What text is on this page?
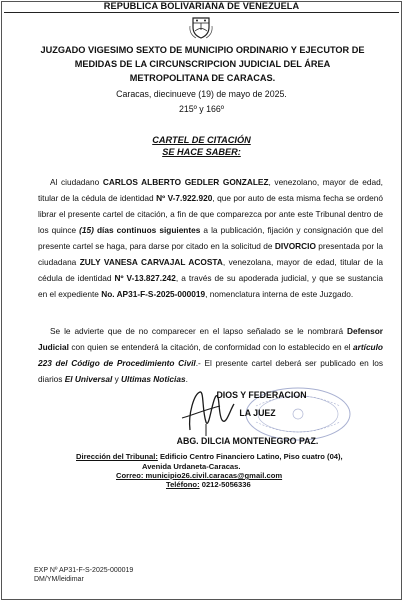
REPUBLICA BOLIVARIANA DE VENEZUELA
JUZGADO VIGESIMO SEXTO DE MUNICIPIO ORDINARIO Y EJECUTOR DE
MEDIDAS DE LA CIRCUNSCRIPCION JUDICIAL DEL ÁREA
METROPOLITANA DE CARACAS.
Caracas, diecinueve (19) de mayo de 2025.
215º y 166º
CARTEL DE CITACIÓN
SE HACE SABER:
Al ciudadano CARLOS ALBERTO GEDLER GONZALEZ, venezolano, mayor de edad, titular de la cédula de identidad Nº V-7.922.920, que por auto de esta misma fecha se ordenó librar el presente cartel de citación, a fin de que comparezca por ante este Tribunal dentro de los quince (15) días continuos siguientes a la publicación, fijación y consignación que del presente cartel se haga, para darse por citado en la solicitud de DIVORCIO presentada por la ciudadana ZULY VANESA CARVAJAL ACOSTA, venezolana, mayor de edad, titular de la cédula de identidad Nº V-13.827.242, a través de su apoderada judicial, y que se sustancia en el expediente No. AP31-F-S-2025-000019, nomenclatura interna de este Juzgado.
Se le advierte que de no comparecer en el lapso señalado se le nombrará Defensor Judicial con quien se entenderá la citación, de conformidad con lo establecido en el artículo 223 del Código de Procedimiento Civil.- El presente cartel deberá ser publicado en los diarios El Universal y Ultimas Noticias.
DIOS Y FEDERACION
LA JUEZ
ABG. DILCIA MONTENEGRO PAZ.
Dirección del Tribunal: Edificio Centro Financiero Latino, Piso cuatro (04),
Avenida Urdaneta-Caracas.
Correo: municipio26.civil.caracas@gmail.com
Teléfono: 0212-5056336
EXP Nº AP31-F-S-2025-000019
DM/YM/leidimar
